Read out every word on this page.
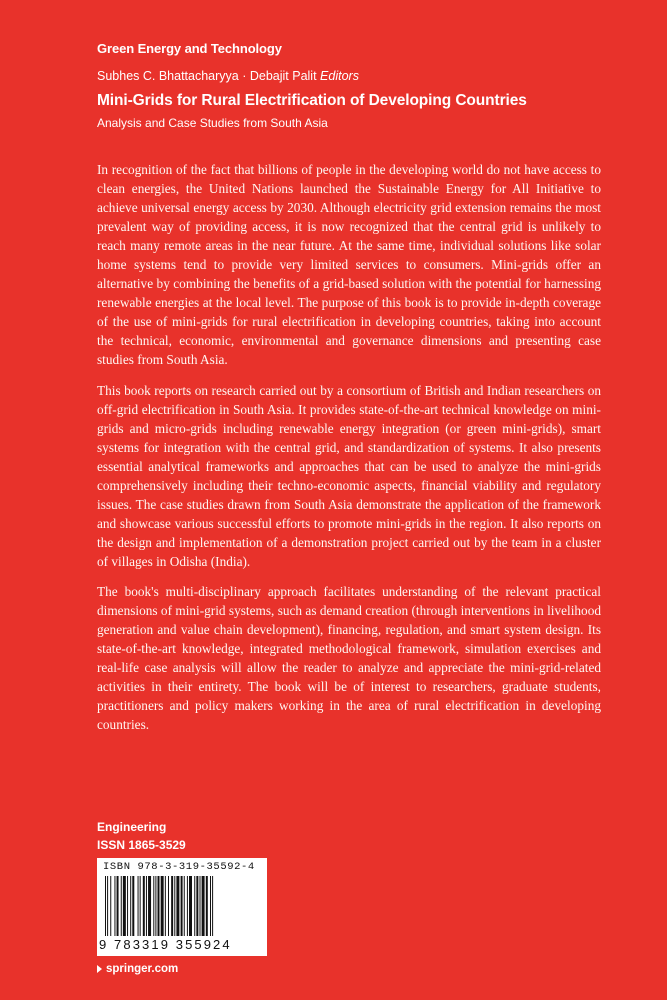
Green Energy and Technology
Subhes C. Bhattacharyya · Debajit Palit Editors
Mini-Grids for Rural Electrification of Developing Countries
Analysis and Case Studies from South Asia

In recognition of the fact that billions of people in the developing world do not have access to clean energies, the United Nations launched the Sustainable Energy for All Initiative to achieve universal energy access by 2030. Although electricity grid extension remains the most prevalent way of providing access, it is now recognized that the central grid is unlikely to reach many remote areas in the near future. At the same time, individual solutions like solar home systems tend to provide very limited services to consumers. Mini-grids offer an alternative by combining the benefits of a grid-based solution with the potential for harnessing renewable energies at the local level. The purpose of this book is to provide in-depth coverage of the use of mini-grids for rural electrification in developing countries, taking into account the technical, economic, environmental and governance dimensions and presenting case studies from South Asia.

This book reports on research carried out by a consortium of British and Indian researchers on off-grid electrification in South Asia. It provides state-of-the-art technical knowledge on mini-grids and micro-grids including renewable energy integration (or green mini-grids), smart systems for integration with the central grid, and standardization of systems. It also presents essential analytical frameworks and approaches that can be used to analyze the mini-grids comprehensively including their techno-economic aspects, financial viability and regulatory issues. The case studies drawn from South Asia demonstrate the application of the framework and showcase various successful efforts to promote mini-grids in the region. It also reports on the design and implementation of a demonstration project carried out by the team in a cluster of villages in Odisha (India).

The book's multi-disciplinary approach facilitates understanding of the relevant practical dimensions of mini-grid systems, such as demand creation (through interventions in livelihood generation and value chain development), financing, regulation, and smart system design. Its state-of-the-art knowledge, integrated methodological framework, simulation exercises and real-life case analysis will allow the reader to analyze and appreciate the mini-grid-related activities in their entirety. The book will be of interest to researchers, graduate students, practitioners and policy makers working in the area of rural electrification in developing countries.

Engineering
ISSN 1865-3529
ISBN 978-3-319-35592-4
9 783319 355924
springer.com
